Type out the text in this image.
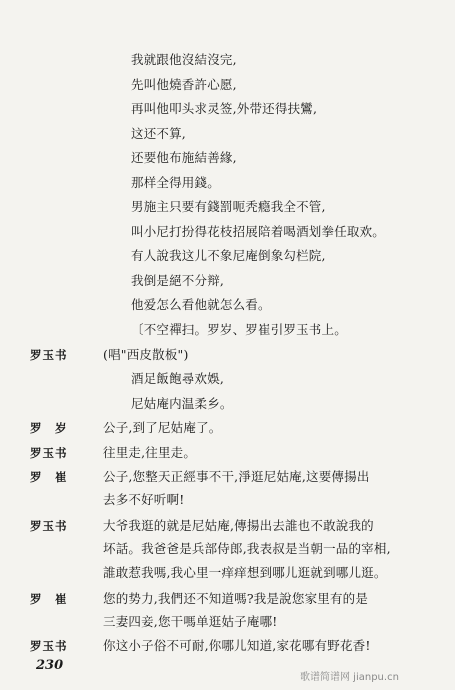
我就跟他沒結沒完,
先叫他燒香許心愿,
再叫他叩头求灵签,外带还得扶鸞,
这还不算,
还要他布施結善緣,
那样全得用錢。
男施主只要有錢罰呃秃瘾我全不管,
叫小尼打扮得花枝招展陪着喝酒划拳任取欢。
有人說我这儿不象尼庵倒象勾栏院,
我倒是絕不分辩,
他爱怎么看他就怎么看。
〔不空禪扫。罗岁、罗崔引罗玉书上。
罗玉书	(唱"西皮散板")
酒足飯飽尋欢娛,
尼姑庵内温柔乡。
罗　岁	公子,到了尼姑庵了。
罗玉书	往里走,往里走。
罗　崔	公子,您整天正經事不干,淨逛尼姑庵,这要傳揚出
去多不好听啊!
罗玉书	大爷我逛的就是尼姑庵,傳揚出去誰也不敢說我的
坏話。我爸爸是兵部侍郎,我表叔是当朝一品的宰相,
誰敢惹我嗎,我心里一痒痒想到哪儿逛就到哪儿逛。
罗　崔	您的势力,我們还不知道嗎?我是說您家里有的是
三妻四妾,您干嗎单逛姑子庵哪!
罗玉书	你这小子俗不可耐,你哪儿知道,家花哪有野花香!
230
歌谱简谱网 jianpu.cn
